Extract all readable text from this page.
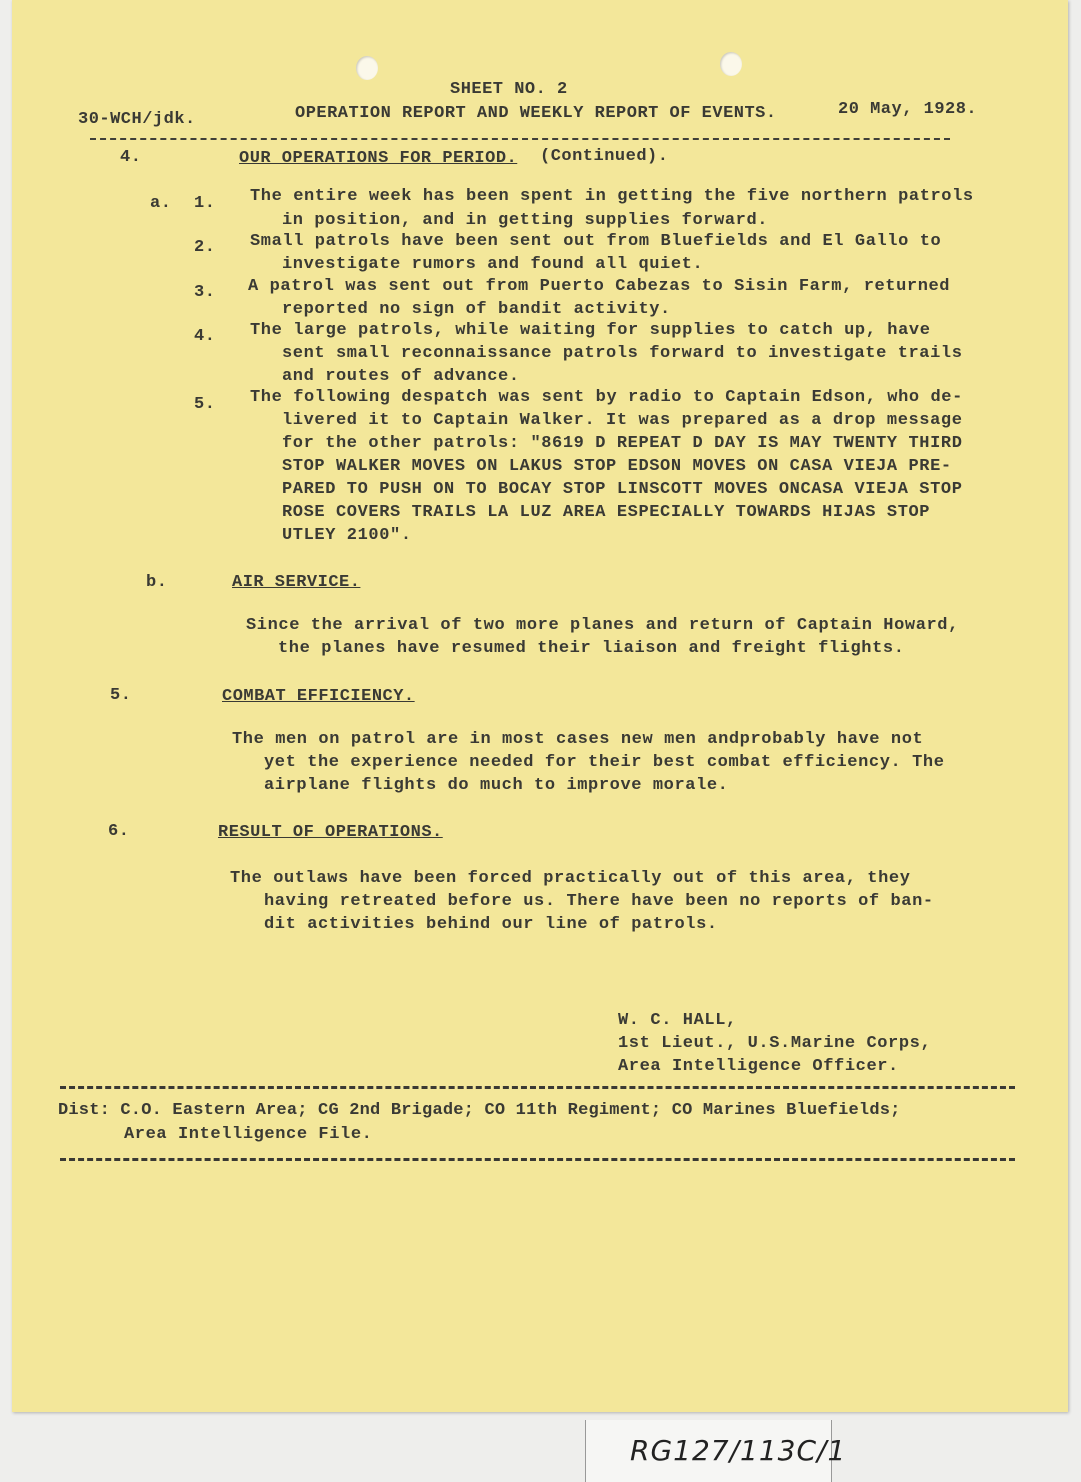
SHEET NO. 2
30-WCH/jdk.	OPERATION REPORT AND WEEKLY REPORT OF EVENTS.	20 May, 1928.
4.	OUR OPERATIONS FOR PERIOD. (Continued).
a. 1. The entire week has been spent in getting the five northern patrols
in position, and in getting supplies forward.
2. Small patrols have been sent out from Bluefields and El Gallo to
investigate rumors and found all quiet.
3. A patrol was sent out from Puerto Cabezas to Sisin Farm, returned
reported no sign of bandit activity.
4. The large patrols, while waiting for supplies to catch up, have
sent small reconnaissance patrols forward to investigate trails
and routes of advance.
5. The following despatch was sent by radio to Captain Edson, who de-
livered it to Captain Walker. It was prepared as a drop message
for the other patrols: "8619 D REPEAT D DAY IS MAY TWENTY THIRD
STOP WALKER MOVES ON LAKUS STOP EDSON MOVES ON CASA VIEJA PRE-
PARED TO PUSH ON TO BOCAY STOP LINSCOTT MOVES ONCASA VIEJA STOP
ROSE COVERS TRAILS LA LUZ AREA ESPECIALLY TOWARDS HIJAS STOP
UTLEY 2100".
b.	AIR SERVICE.
Since the arrival of two more planes and return of Captain Howard,
the planes have resumed their liaison and freight flights.
5.	COMBAT EFFICIENCY.
The men on patrol are in most cases new men andprobably have not
yet the experience needed for their best combat efficiency. The
airplane flights do much to improve morale.
6.	RESULT OF OPERATIONS.
The outlaws have been forced practically out of this area, they
having retreated before us. There have been no reports of ban-
dit activities behind our line of patrols.
W. C. HALL,
1st Lieut., U.S.Marine Corps,
Area Intelligence Officer.
Dist: C.O. Eastern Area; CG 2nd Brigade; CO 11th Regiment; CO Marines Bluefields;
Area Intelligence File.
RG127/113C/1
